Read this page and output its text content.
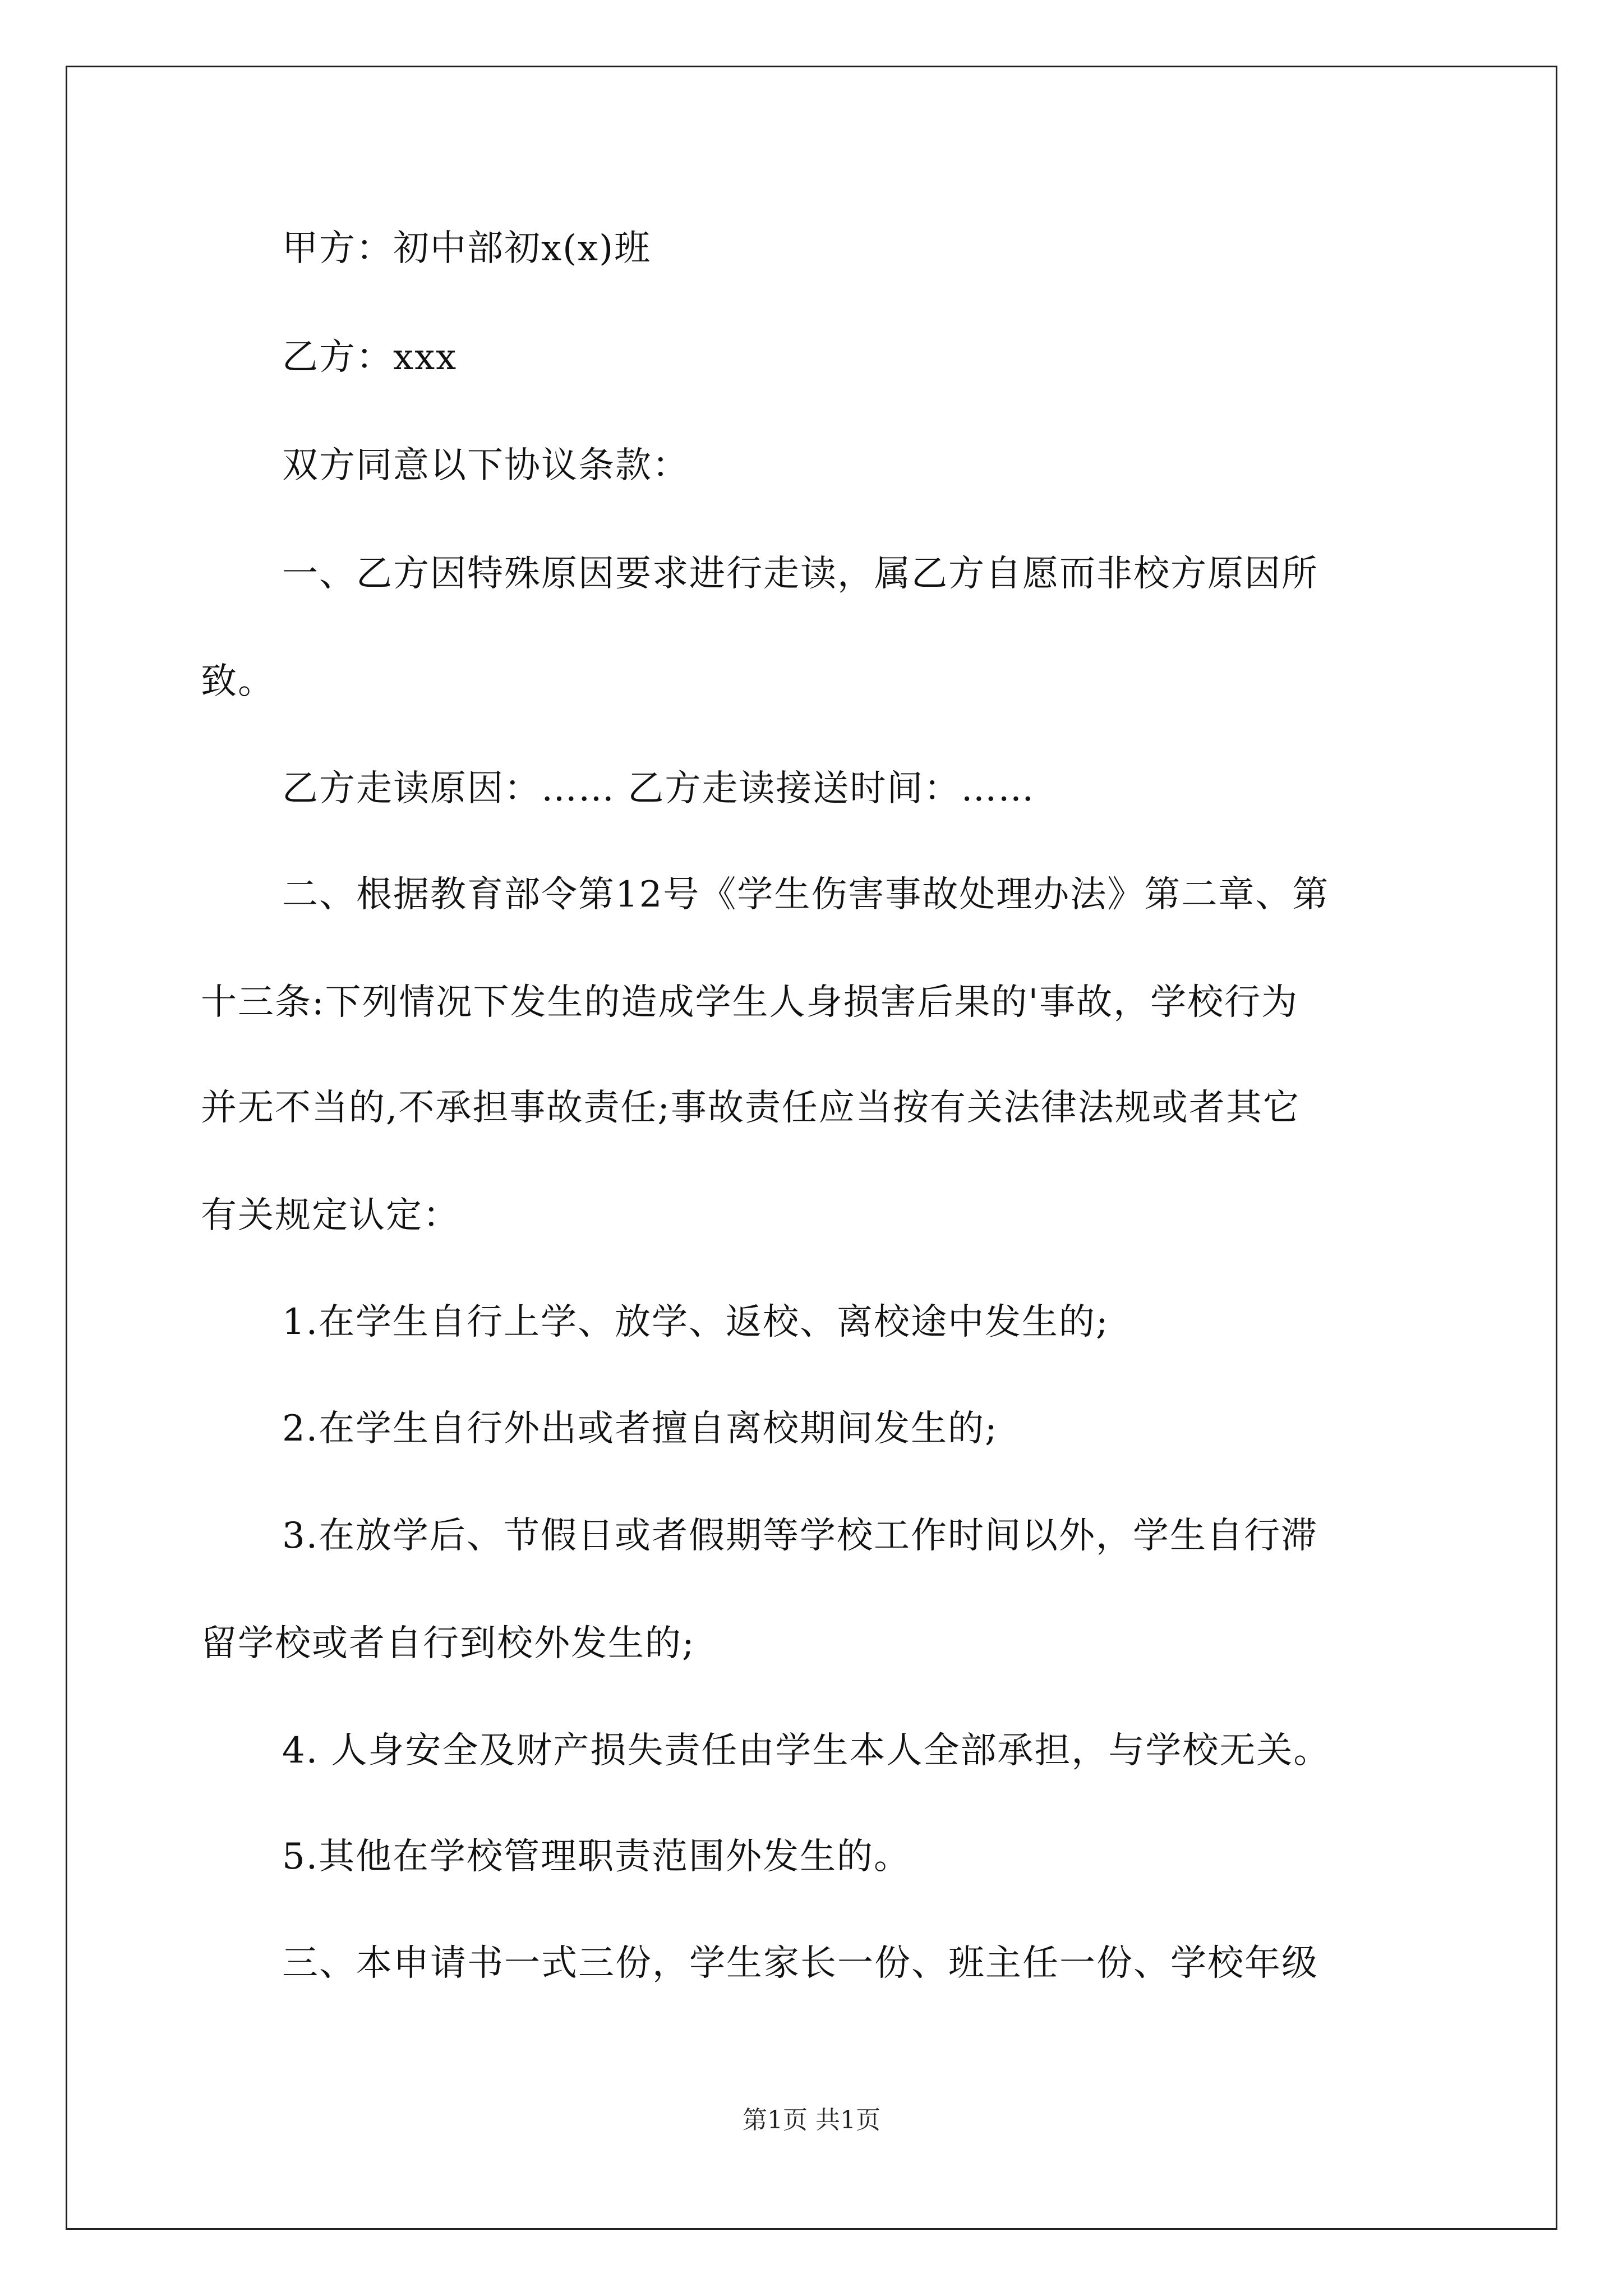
甲方：初中部初x(x)班
乙方：xxx
双方同意以下协议条款：
一、乙方因特殊原因要求进行走读，属乙方自愿而非校方原因所
致。
乙方走读原因：…… 乙方走读接送时间：……
二、根据教育部令第12号《学生伤害事故处理办法》第二章、第
十三条:下列情况下发生的造成学生人身损害后果的'事故，学校行为
并无不当的,不承担事故责任;事故责任应当按有关法律法规或者其它
有关规定认定：
1.在学生自行上学、放学、返校、离校途中发生的;
2.在学生自行外出或者擅自离校期间发生的;
3.在放学后、节假日或者假期等学校工作时间以外，学生自行滞
留学校或者自行到校外发生的;
4. 人身安全及财产损失责任由学生本人全部承担，与学校无关。
5.其他在学校管理职责范围外发生的。
三、本申请书一式三份，学生家长一份、班主任一份、学校年级
第1页 共1页
